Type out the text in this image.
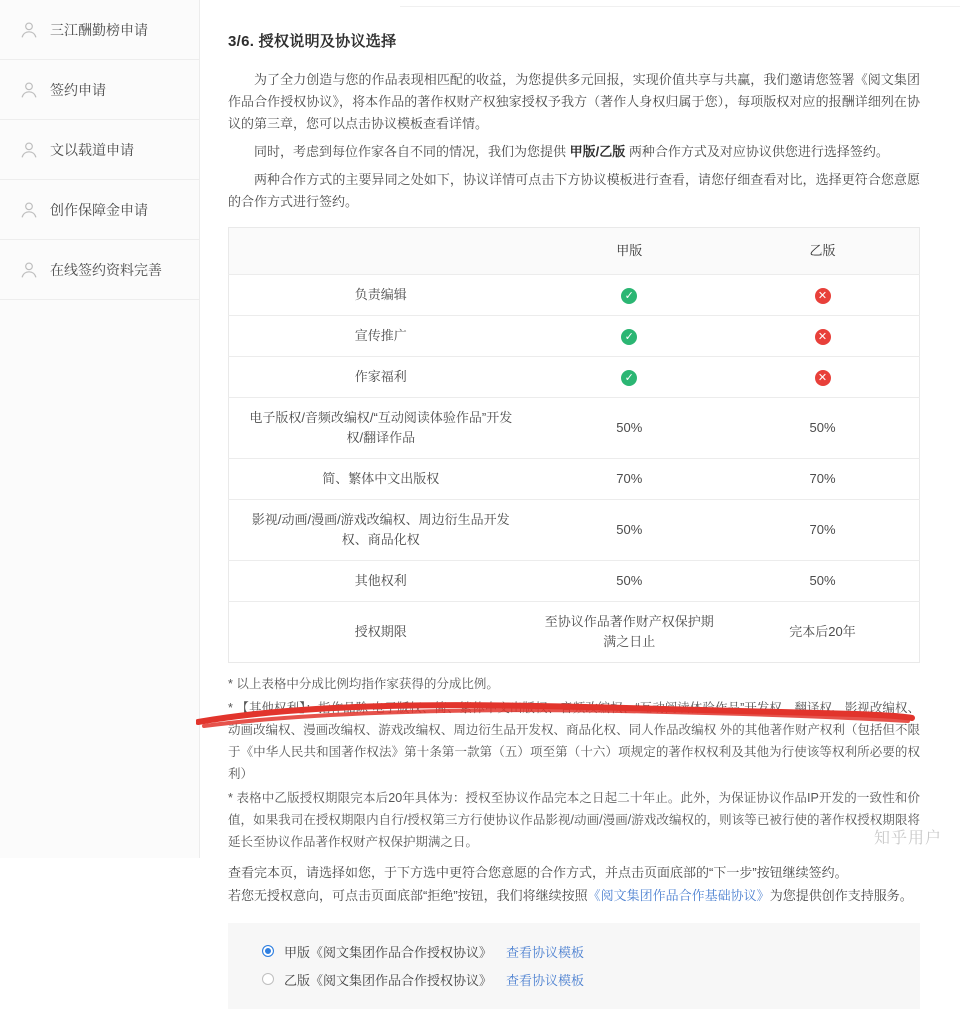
三江酬勤榜申请
签约申请
文以载道申请
创作保障金申请
在线签约资料完善
3/6. 授权说明及协议选择

为了全力创造与您的作品表现相匹配的收益，为您提供多元回报，实现价值共享与共赢，我们邀请您签署《阅文集团作品合作授权协议》，将本作品的著作权财产权独家授权予我方（著作人身权归属于您），每项版权对应的报酬详细列在协议的第三章，您可以点击协议模板查看详情。

同时，考虑到每位作家各自不同的情况，我们为您提供 甲版/乙版 两种合作方式及对应协议供您进行选择签约。

两种合作方式的主要异同之处如下，协议详情可点击下方协议模板进行查看，请您仔细查看对比，选择更符合您意愿的合作方式进行签约。

	甲版	乙版
负责编辑	✓	✕
宣传推广	✓	✕
作家福利	✓	✕
电子版权/音频改编权/“互动阅读体验作品”开发权/翻译作品	50%	50%
简、繁体中文出版权	70%	70%
影视/动画/漫画/游戏改编权、周边衍生品开发权、商品化权	50%	70%
其他权利	50%	50%
授权期限	至协议作品著作财产权保护期满之日止	完本后20年
* 以上表格中分成比例均指作家获得的分成比例。
* 【其他权利】：指作品除 电子版权、简、繁体中文出版权、音频改编权、“互动阅读体验作品”开发权、翻译权、影视改编权、动画改编权、漫画改编权、游戏改编权、周边衍生品开发权、商品化权、同人作品改编权 外的其他著作财产权利（包括但不限于《中华人民共和国著作权法》第十条第一款第（五）项至第（十六）项规定的著作权权利及其他为行使该等权利所必要的权利）
* 表格中乙版授权期限完本后20年具体为：授权至协议作品完本之日起二十年止。此外，为保证协议作品IP开发的一致性和价值，如果我司在授权期限内自行/授权第三方行使协议作品影视/动画/漫画/游戏改编权的，则该等已被行使的著作权授权期限将延长至协议作品著作权财产权保护期满之日。

查看完本页，请选择如您，于下方选中更符合您意愿的合作方式，并点击页面底部的“下一步”按钮继续签约。

若您无授权意向，可点击页面底部“拒绝”按钮，我们将继续按照《阅文集团作品合作基础协议》为您提供创作支持服务。

甲版《阅文集团作品合作授权协议》 查看协议模板
乙版《阅文集团作品合作授权协议》 查看协议模板
知乎用户
